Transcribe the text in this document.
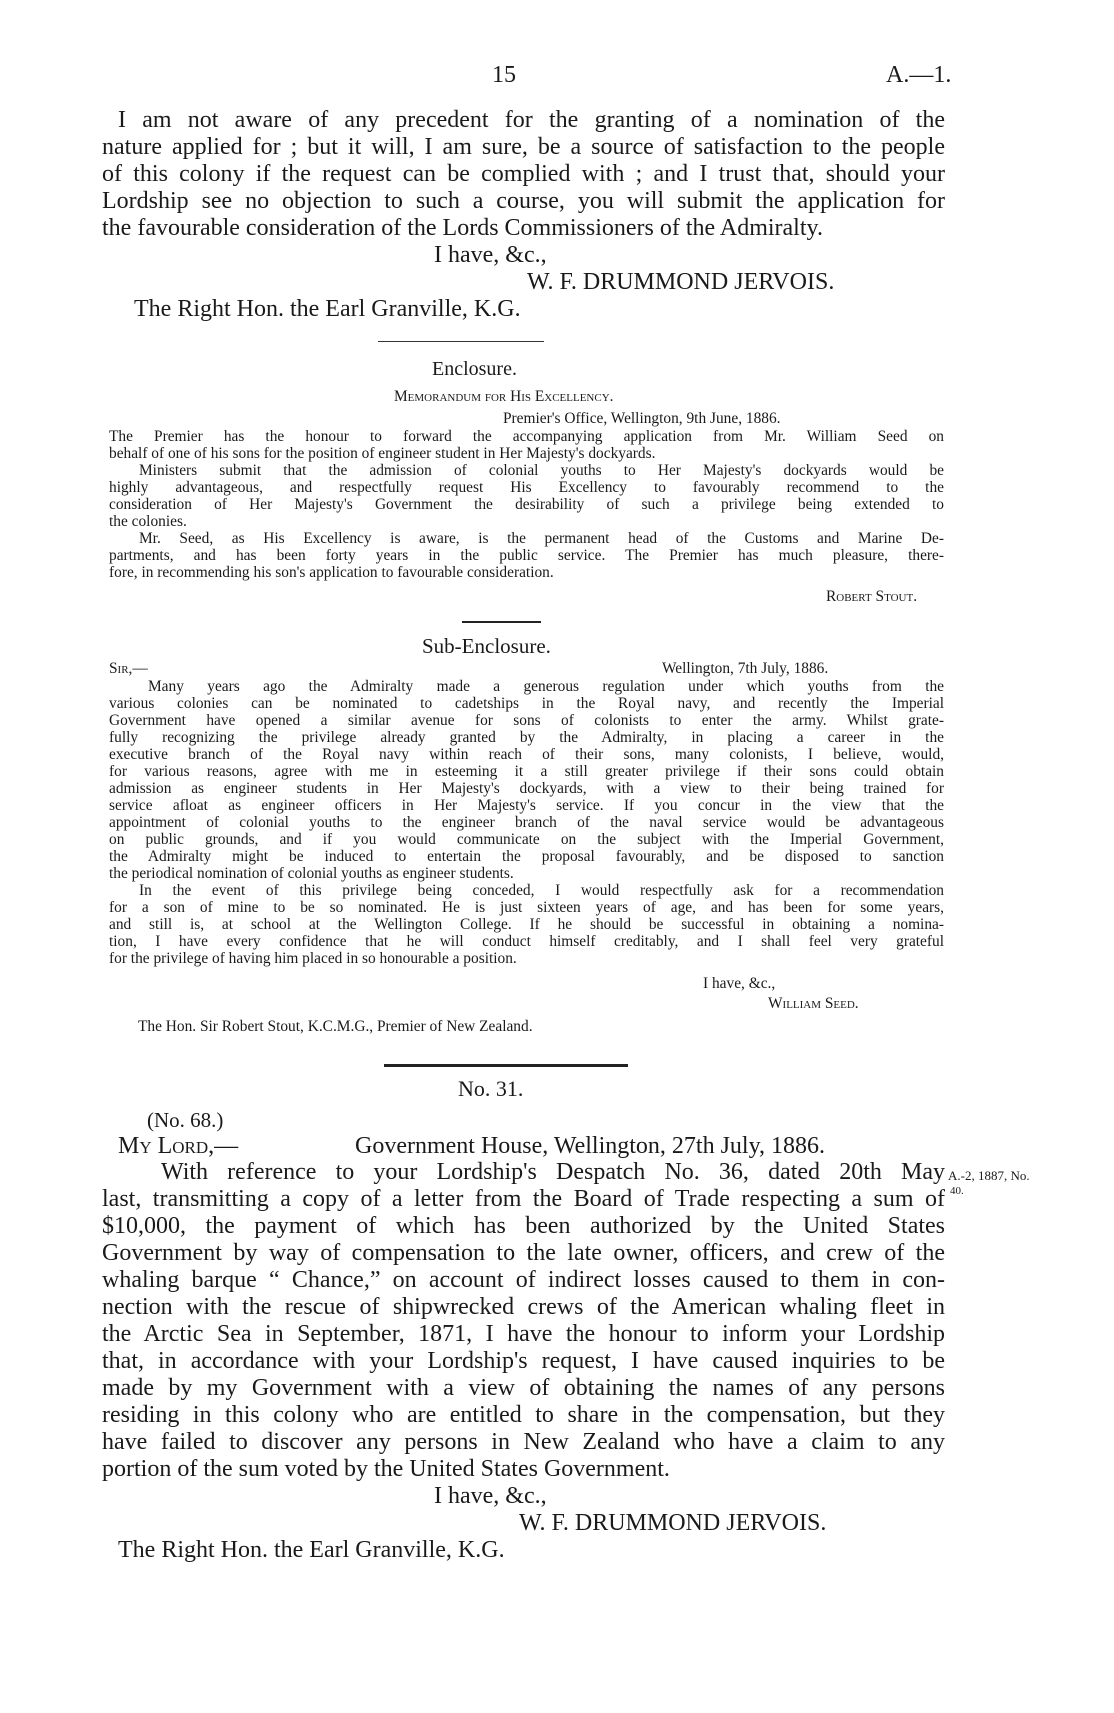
15	A.—1.
I am not aware of any precedent for the granting of a nomination of the
nature applied for ; but it will, I am sure, be a source of satisfaction to the people
of this colony if the request can be complied with ; and I trust that, should your
Lordship see no objection to such a course, you will submit the application for
the favourable consideration of the Lords Commissioners of the Admiralty.
I have, &c.,
W. F. DRUMMOND JERVOIS.
The Right Hon. the Earl Granville, K.G.
Enclosure.
Memorandum for His Excellency.
Premier's Office, Wellington, 9th June, 1886.
The Premier has the honour to forward the accompanying application from Mr. William Seed on
behalf of one of his sons for the position of engineer student in Her Majesty's dockyards.
Ministers submit that the admission of colonial youths to Her Majesty's dockyards would be
highly advantageous, and respectfully request His Excellency to favourably recommend to the
consideration of Her Majesty's Government the desirability of such a privilege being extended to
the colonies.
Mr. Seed, as His Excellency is aware, is the permanent head of the Customs and Marine De-
partments, and has been forty years in the public service. The Premier has much pleasure, there-
fore, in recommending his son's application to favourable consideration.
Robert Stout.
Sub-Enclosure.
Sir,—	Wellington, 7th July, 1886.
Many years ago the Admiralty made a generous regulation under which youths from the
various colonies can be nominated to cadetships in the Royal navy, and recently the Imperial
Government have opened a similar avenue for sons of colonists to enter the army. Whilst grate-
fully recognizing the privilege already granted by the Admiralty, in placing a career in the
executive branch of the Royal navy within reach of their sons, many colonists, I believe, would,
for various reasons, agree with me in esteeming it a still greater privilege if their sons could obtain
admission as engineer students in Her Majesty's dockyards, with a view to their being trained for
service afloat as engineer officers in Her Majesty's service. If you concur in the view that the
appointment of colonial youths to the engineer branch of the naval service would be advantageous
on public grounds, and if you would communicate on the subject with the Imperial Government,
the Admiralty might be induced to entertain the proposal favourably, and be disposed to sanction
the periodical nomination of colonial youths as engineer students.
In the event of this privilege being conceded, I would respectfully ask for a recommendation
for a son of mine to be so nominated. He is just sixteen years of age, and has been for some years,
and still is, at school at the Wellington College. If he should be successful in obtaining a nomina-
tion, I have every confidence that he will conduct himself creditably, and I shall feel very grateful
for the privilege of having him placed in so honourable a position.
I have, &c.,
William Seed.
The Hon. Sir Robert Stout, K.C.M.G., Premier of New Zealand.
No. 31.
(No. 68.)
My Lord,—	Government House, Wellington, 27th July, 1886.
With reference to your Lordship's Despatch No. 36, dated 20th May
last, transmitting a copy of a letter from the Board of Trade respecting a sum of
$10,000, the payment of which has been authorized by the United States
Government by way of compensation to the late owner, officers, and crew of the
whaling barque “ Chance,” on account of indirect losses caused to them in con-
nection with the rescue of shipwrecked crews of the American whaling fleet in
the Arctic Sea in September, 1871, I have the honour to inform your Lordship
that, in accordance with your Lordship's request, I have caused inquiries to be
made by my Government with a view of obtaining the names of any persons
residing in this colony who are entitled to share in the compensation, but they
have failed to discover any persons in New Zealand who have a claim to any
portion of the sum voted by the United States Government.
A.-2, 1887, No.
40.
I have, &c.,
W. F. DRUMMOND JERVOIS.
The Right Hon. the Earl Granville, K.G.
